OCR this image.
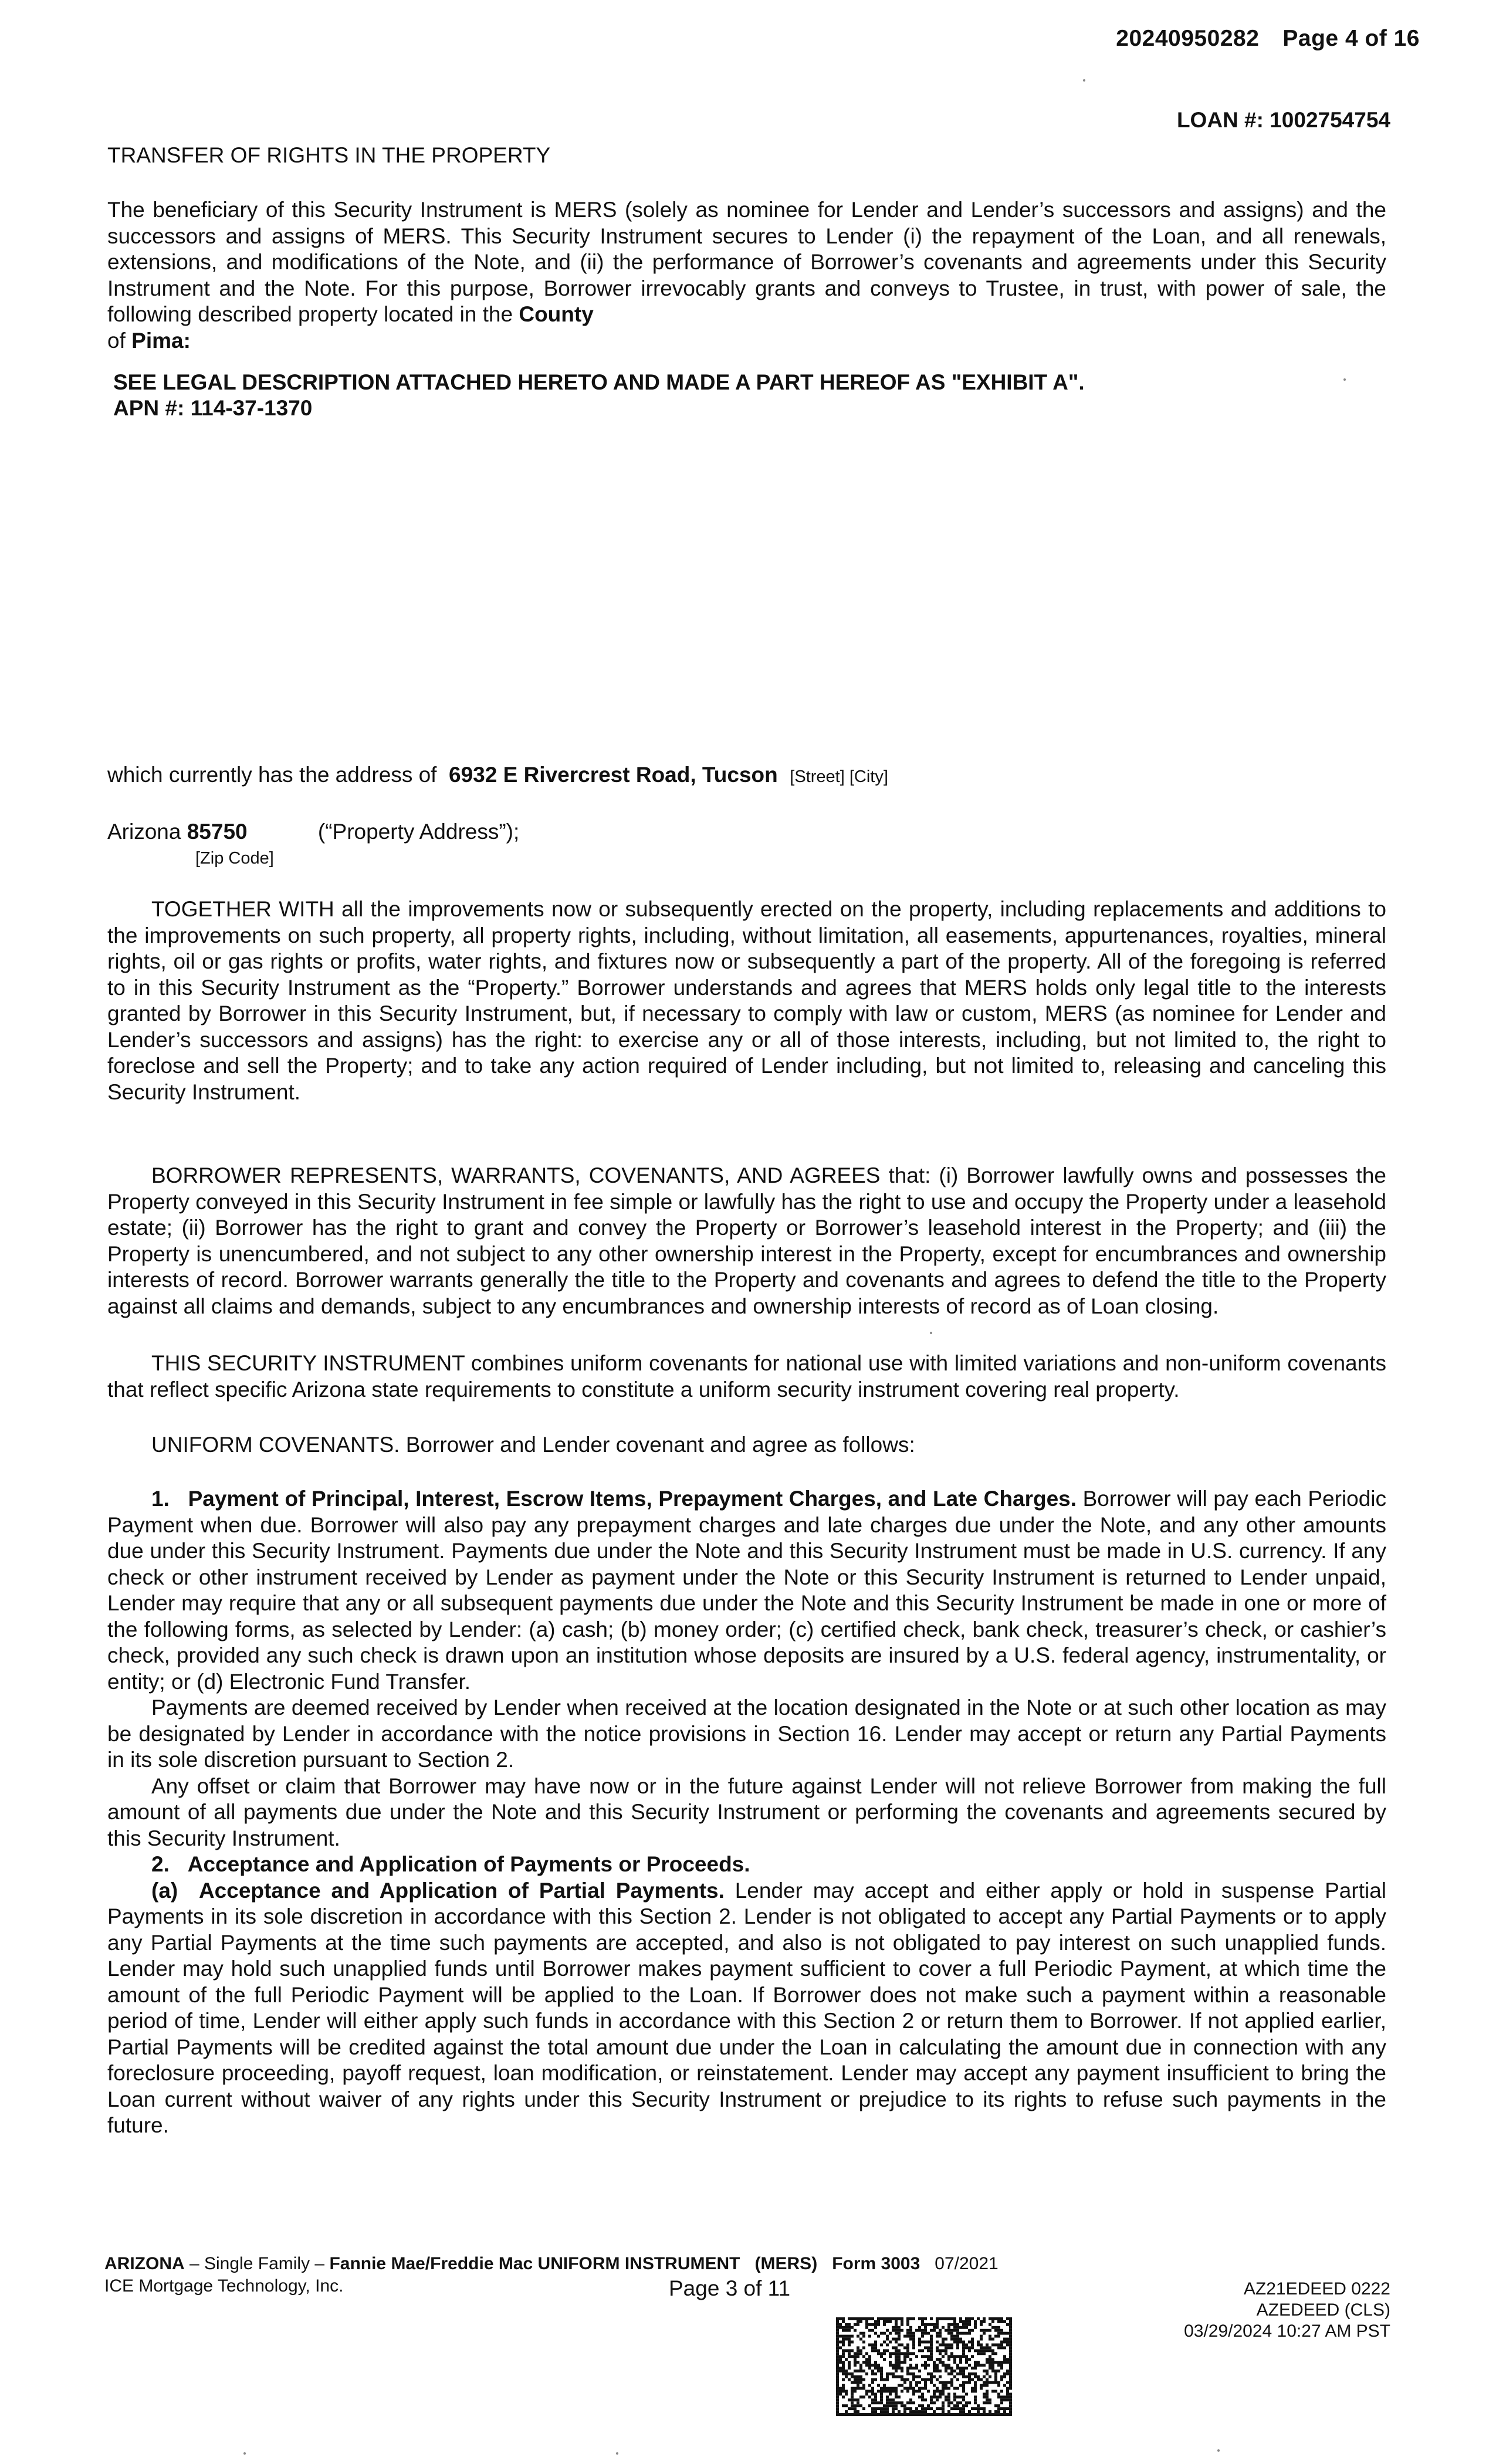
20240950282 Page 4 of 16
LOAN #: 1002754754
TRANSFER OF RIGHTS IN THE PROPERTY
The beneficiary of this Security Instrument is MERS (solely as nominee for Lender and Lender’s successors and assigns) and the successors and assigns of MERS. This Security Instrument secures to Lender (i) the repayment of the Loan, and all renewals, extensions, and modifications of the Note, and (ii) the performance of Borrower’s covenants and agreements under this Security Instrument and the Note. For this purpose, Borrower irrevocably grants and conveys to Trustee, in trust, with power of sale, the following described property located in the County
of Pima:
SEE LEGAL DESCRIPTION ATTACHED HERETO AND MADE A PART HEREOF AS "EXHIBIT A".
APN #: 114-37-1370
which currently has the address of 6932 E Rivercrest Road, Tucson [Street] [City]
Arizona 85750	(“Property Address”);
[Zip Code]
TOGETHER WITH all the improvements now or subsequently erected on the property, including replacements and additions to the improvements on such property, all property rights, including, without limitation, all easements, appurtenances, royalties, mineral rights, oil or gas rights or profits, water rights, and fixtures now or subsequently a part of the property. All of the foregoing is referred to in this Security Instrument as the “Property.” Borrower understands and agrees that MERS holds only legal title to the interests granted by Borrower in this Security Instrument, but, if necessary to comply with law or custom, MERS (as nominee for Lender and Lender’s successors and assigns) has the right: to exercise any or all of those interests, including, but not limited to, the right to foreclose and sell the Property; and to take any action required of Lender including, but not limited to, releasing and canceling this Security Instrument.
BORROWER REPRESENTS, WARRANTS, COVENANTS, AND AGREES that: (i) Borrower lawfully owns and possesses the Property conveyed in this Security Instrument in fee simple or lawfully has the right to use and occupy the Property under a leasehold estate; (ii) Borrower has the right to grant and convey the Property or Borrower’s leasehold interest in the Property; and (iii) the Property is unencumbered, and not subject to any other ownership interest in the Property, except for encumbrances and ownership interests of record. Borrower warrants generally the title to the Property and covenants and agrees to defend the title to the Property against all claims and demands, subject to any encumbrances and ownership interests of record as of Loan closing.
THIS SECURITY INSTRUMENT combines uniform covenants for national use with limited variations and non-uniform covenants that reflect specific Arizona state requirements to constitute a uniform security instrument covering real property.
UNIFORM COVENANTS. Borrower and Lender covenant and agree as follows:

1. Payment of Principal, Interest, Escrow Items, Prepayment Charges, and Late Charges. Borrower will pay each Periodic Payment when due. Borrower will also pay any prepayment charges and late charges due under the Note, and any other amounts due under this Security Instrument. Payments due under the Note and this Security Instrument must be made in U.S. currency. If any check or other instrument received by Lender as payment under the Note or this Security Instrument is returned to Lender unpaid, Lender may require that any or all subsequent payments due under the Note and this Security Instrument be made in one or more of the following forms, as selected by Lender: (a) cash; (b) money order; (c) certified check, bank check, treasurer’s check, or cashier’s check, provided any such check is drawn upon an institution whose deposits are insured by a U.S. federal agency, instrumentality, or entity; or (d) Electronic Fund Transfer.

Payments are deemed received by Lender when received at the location designated in the Note or at such other location as may be designated by Lender in accordance with the notice provisions in Section 16. Lender may accept or return any Partial Payments in its sole discretion pursuant to Section 2.

Any offset or claim that Borrower may have now or in the future against Lender will not relieve Borrower from making the full amount of all payments due under the Note and this Security Instrument or performing the covenants and agreements secured by this Security Instrument.

2. Acceptance and Application of Payments or Proceeds.

(a) Acceptance and Application of Partial Payments. Lender may accept and either apply or hold in suspense Partial Payments in its sole discretion in accordance with this Section 2. Lender is not obligated to accept any Partial Payments or to apply any Partial Payments at the time such payments are accepted, and also is not obligated to pay interest on such unapplied funds. Lender may hold such unapplied funds until Borrower makes payment sufficient to cover a full Periodic Payment, at which time the amount of the full Periodic Payment will be applied to the Loan. If Borrower does not make such a payment within a reasonable period of time, Lender will either apply such funds in accordance with this Section 2 or return them to Borrower. If not applied earlier, Partial Payments will be credited against the total amount due under the Loan in calculating the amount due in connection with any foreclosure proceeding, payoff request, loan modification, or reinstatement. Lender may accept any payment insufficient to bring the Loan current without waiver of any rights under this Security Instrument or prejudice to its rights to refuse such payments in the future.

ARIZONA – Single Family – Fannie Mae/Freddie Mac UNIFORM INSTRUMENT (MERS) Form 3003 07/2021
ICE Mortgage Technology, Inc.	Page 3 of 11	AZ21EDEED 0222
AZEDEED (CLS)
03/29/2024 10:27 AM PST
